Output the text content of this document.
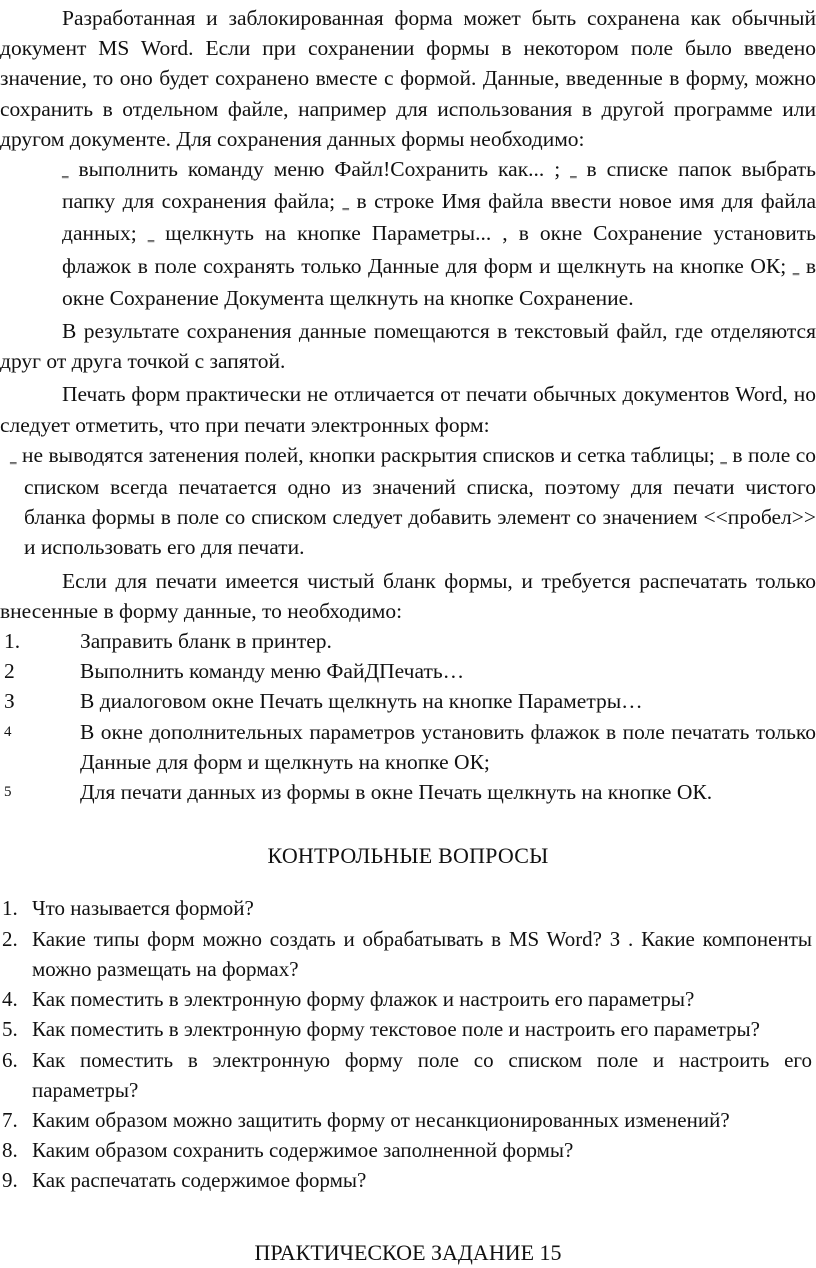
Разработанная и заблокированная форма может быть сохранена как обычный документ MS Word. Если при сохранении формы в некотором поле было введено значение, то оно будет сохранено вместе с формой. Данные, введенные в форму, можно сохранить в отдельном файле, например для использования в другой программе или другом документе. Для сохранения данных формы необходимо:

‗ выполнить команду меню Файл!Сохранить как... ; ‗ в списке папок выбрать папку для сохранения файла; ‗ в строке Имя файла ввести новое имя для файла данных; ‗ щелкнуть на кнопке Параметры... , в окне Сохранение установить флажок в поле сохранять только Данные для форм и щелкнуть на кнопке ОК; ‗ в окне Сохранение Документа щелкнуть на кнопке Сохранение.

В результате сохранения данные помещаются в текстовый файл, где отделяются друг от друга точкой с запятой.

Печать форм практически не отличается от печати обычных документов Word, но следует отметить, что при печати электронных форм:

‗ не выводятся затенения полей, кнопки раскрытия списков и сетка таблицы; ‗ в поле со списком всегда печатается одно из значений списка, поэтому для печати чистого бланка формы в поле со списком следует добавить элемент со значением <<пробел>> и использовать его для печати.

Если для печати имеется чистый бланк формы, и требуется распечатать только внесенные в форму данные, то необходимо:

1.	Заправить бланк в принтер.
2	Выполнить команду меню ФайДПечать…
З	В диалоговом окне Печать щелкнуть на кнопке Параметры…
4	В окне дополнительных параметров установить флажок в поле печатать только Данные для форм и щелкнуть на кнопке ОК;
5	Для печати данных из формы в окне Печать щелкнуть на кнопке ОК.
КОНТРОЛЬНЫЕ ВОПРОСЫ
1. Что называется формой?
2. Какие типы форм можно создать и обрабатывать в MS Word? З . Какие компоненты можно размещать на формах?
4. Как поместить в электронную форму флажок и настроить его параметры?
5. Как поместить в электронную форму текстовое поле и настроить его параметры?
6. Как поместить в электронную форму поле со списком поле и настроить его параметры?
7. Каким образом можно защитить форму от несанкционированных изменений?
8. Каким образом сохранить содержимое заполненной формы?
9. Как распечатать содержимое формы?
ПРАКТИЧЕСКОЕ ЗАДАНИЕ 15
